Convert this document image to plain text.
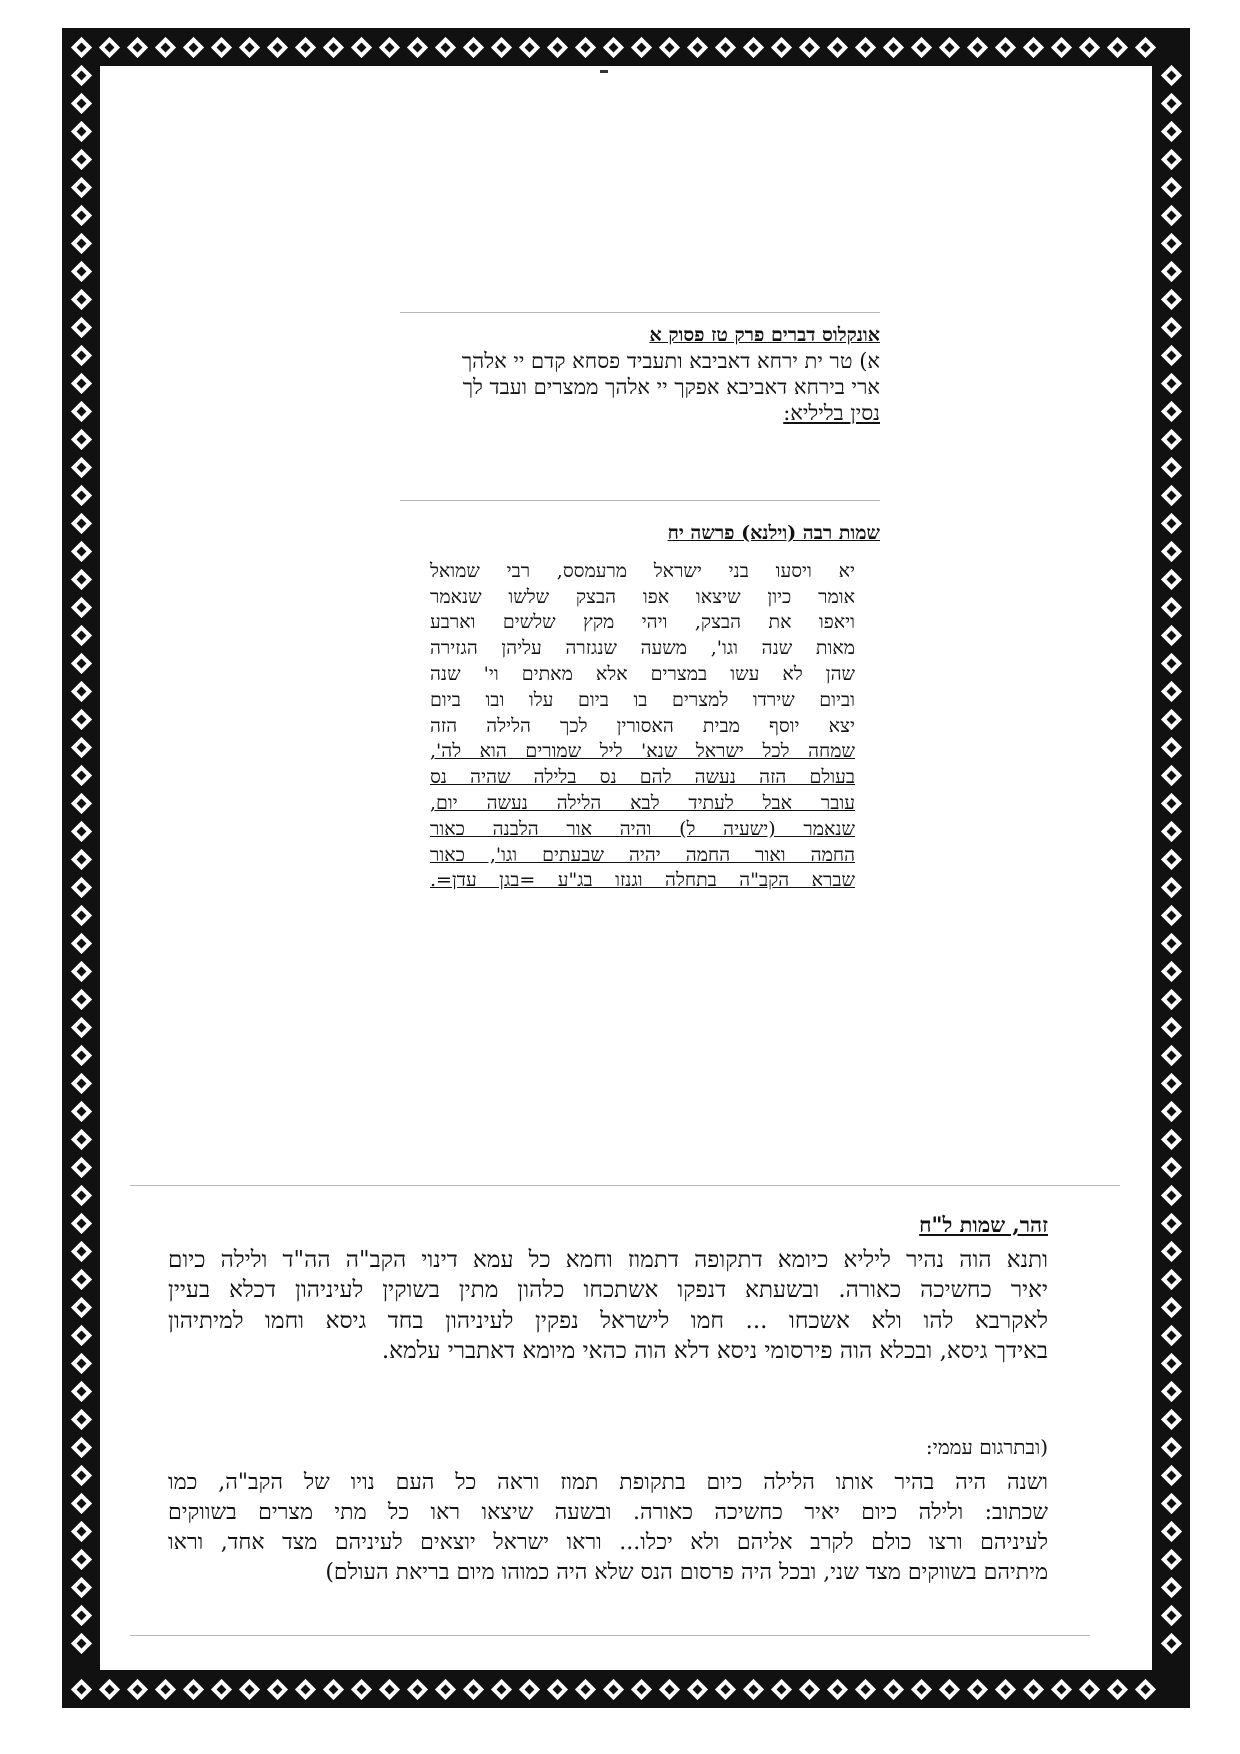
אונקלוס דברים פרק טז פסוק א
א) טר ית ירחא דאביבא ותעביד פסחא קדם יי אלהך
ארי בירחא דאביבא אפקך יי אלהך ממצרים ועבד לך
נסין בליליא:
שמות רבה (וילנא) פרשה יח
יא ויסעו בני ישראל מרעמסס, רבי שמואל
אומר כיון שיצאו אפו הבצק שלשו שנאמר
ויאפו את הבצק, ויהי מקץ שלשים וארבע
מאות שנה וגו', משעה שנגזרה עליהן הגזירה
שהן לא עשו במצרים אלא מאתים וי' שנה
וביום שירדו למצרים בו ביום עלו ובו ביום
יצא יוסף מבית האסורין לכך הלילה הזה
שמחה לכל ישראל שנא' ליל שמורים הוא לה',
בעולם הזה נעשה להם נס בלילה שהיה נס
עובר אבל לעתיד לבא הלילה נעשה יום,
שנאמר (ישעיה ל) והיה אור הלבנה כאור
החמה ואור החמה יהיה שבעתים וגו', כאור
שברא הקב"ה בתחלה וגנזו בג"ע =בגן עדן=.
זהר, שמות ל"ח
ותנא הוה נהיר ליליא כיומא דתקופה דתמוז וחמא כל עמא דינוי הקב"ה הה"ד ולילה כיום
יאיר כחשיכה כאורה. ובשעתא דנפקו אשתכחו כלהון מתין בשוקין לעיניהון דכלא בעיין
לאקרבא להו ולא אשכחו ... חמו לישראל נפקין לעיניהון בחד גיסא וחמו למיתיהון
באידך גיסא, ובכלא הוה פירסומי ניסא דלא הוה כהאי מיומא דאתברי עלמא.
(ובתרגום עממי:
ושנה היה בהיר אותו הלילה כיום בתקופת תמוז וראה כל העם נויו של הקב"ה, כמו
שכתוב: ולילה כיום יאיר כחשיכה כאורה. ובשעה שיצאו ראו כל מתי מצרים בשווקים
לעיניהם ורצו כולם לקרב אליהם ולא יכלו... וראו ישראל יוצאים לעיניהם מצד אחד, וראו
מיתיהם בשווקים מצד שני, ובכל היה פרסום הנס שלא היה כמוהו מיום בריאת העולם)
